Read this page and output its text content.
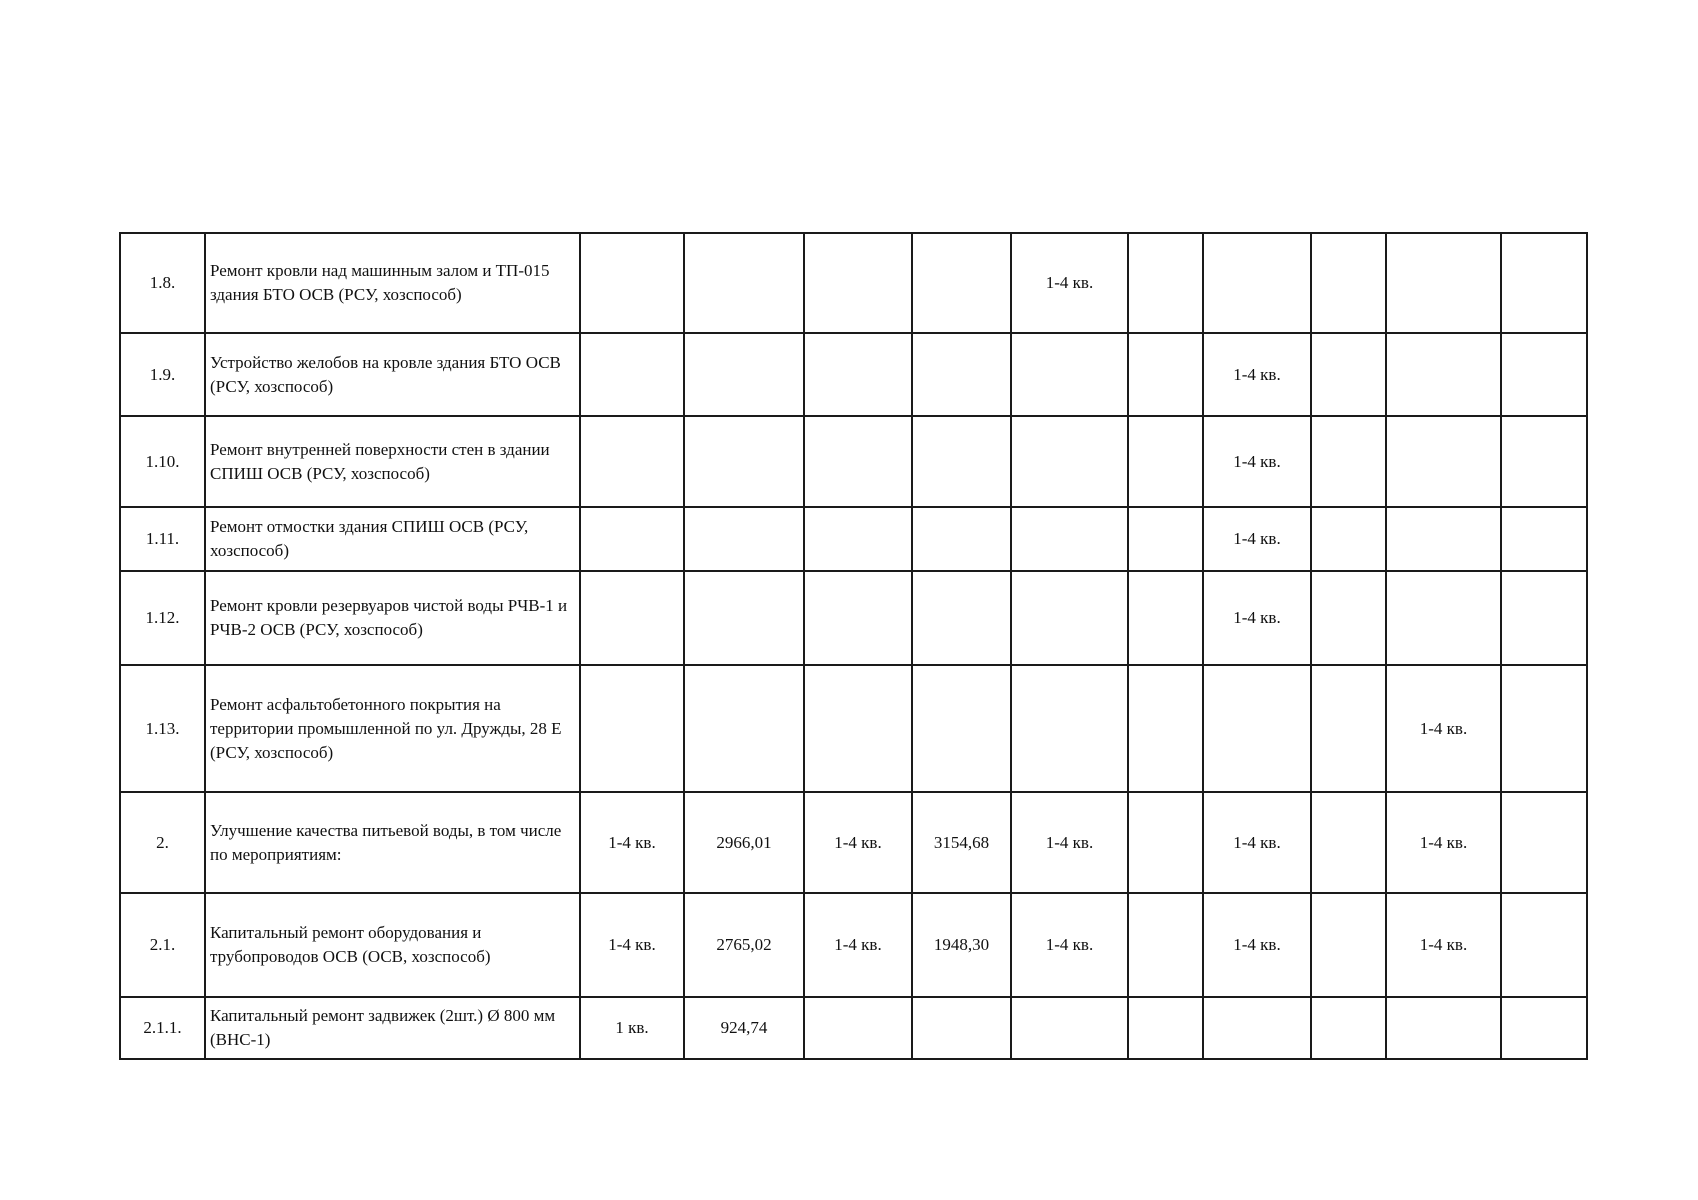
1.8.	Ремонт кровли над машинным залом и ТП-015 здания БТО ОСВ (РСУ, хозспособ)					1-4 кв.					
1.9.	Устройство желобов на кровле здания БТО ОСВ (РСУ, хозспособ)							1-4 кв.			
1.10.	Ремонт внутренней поверхности стен в здании СПИШ ОСВ (РСУ, хозспособ)							1-4 кв.			
1.11.	Ремонт отмостки здания СПИШ ОСВ (РСУ, хозспособ)							1-4 кв.			
1.12.	Ремонт кровли резервуаров чистой воды РЧВ-1 и РЧВ-2 ОСВ (РСУ, хозспособ)							1-4 кв.			
1.13.	Ремонт асфальтобетонного покрытия на территории промышленной по ул. Дружды, 28 Е (РСУ, хозспособ)									1-4 кв.	
2.	Улучшение качества питьевой воды, в том числе по мероприятиям:	1-4 кв.	2966,01	1-4 кв.	3154,68	1-4 кв.		1-4 кв.		1-4 кв.	
2.1.	Капитальный ремонт оборудования и трубопроводов ОСВ (ОСВ, хозспособ)	1-4 кв.	2765,02	1-4 кв.	1948,30	1-4 кв.		1-4 кв.		1-4 кв.	
2.1.1.	Капитальный ремонт задвижек (2шт.) Ø 800 мм (ВНС-1)	1 кв.	924,74								
